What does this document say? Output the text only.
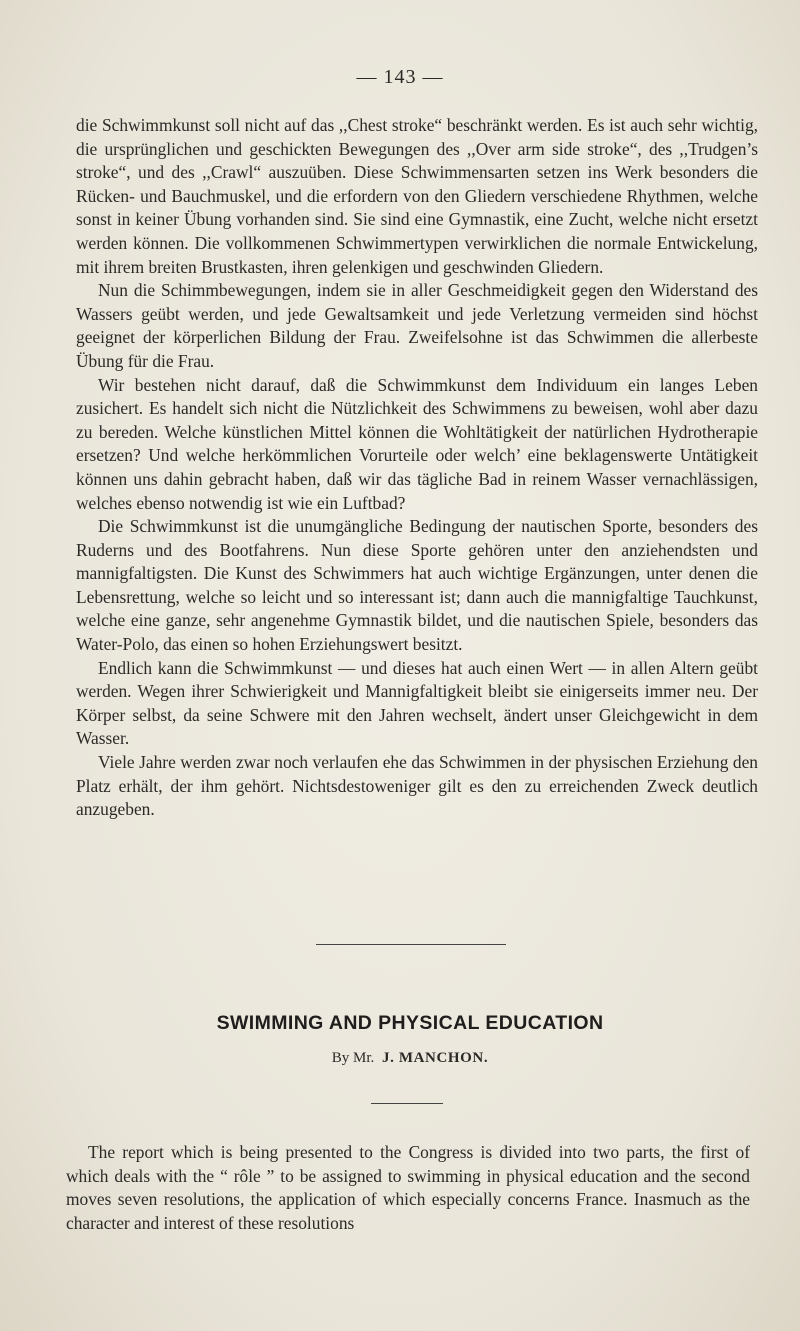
— 143 —

die Schwimmkunst soll nicht auf das ,,Chest stroke“ beschränkt werden. Es ist auch sehr wichtig, die ursprünglichen und geschickten Bewegungen des ,,Over arm side stroke“, des ,,Trudgen’s stroke“, und des ,,Crawl“ auszuüben. Diese Schwimmensarten setzen ins Werk besonders die Rücken- und Bauchmuskel, und die erfordern von den Gliedern verschiedene Rhythmen, welche sonst in keiner Übung vorhanden sind. Sie sind eine Gymnastik, eine Zucht, welche nicht ersetzt werden können. Die vollkommenen Schwimmertypen verwirklichen die normale Entwickelung, mit ihrem breiten Brustkasten, ihren gelenkigen und geschwinden Gliedern.

Nun die Schimmbewegungen, indem sie in aller Geschmeidigkeit gegen den Widerstand des Wassers geübt werden, und jede Gewaltsamkeit und jede Verletzung vermeiden sind höchst geeignet der körperlichen Bildung der Frau. Zweifelsohne ist das Schwimmen die allerbeste Übung für die Frau.

Wir bestehen nicht darauf, daß die Schwimmkunst dem Individuum ein langes Leben zusichert. Es handelt sich nicht die Nützlichkeit des Schwimmens zu beweisen, wohl aber dazu zu bereden. Welche künstlichen Mittel können die Wohltätigkeit der natürlichen Hydrotherapie ersetzen? Und welche herkömmlichen Vorurteile oder welch’ eine beklagenswerte Untätigkeit können uns dahin gebracht haben, daß wir das tägliche Bad in reinem Wasser vernachlässigen, welches ebenso notwendig ist wie ein Luftbad?

Die Schwimmkunst ist die unumgängliche Bedingung der nautischen Sporte, besonders des Ruderns und des Bootfahrens. Nun diese Sporte gehören unter den anziehendsten und mannigfaltigsten. Die Kunst des Schwimmers hat auch wichtige Ergänzungen, unter denen die Lebensrettung, welche so leicht und so interessant ist; dann auch die mannigfaltige Tauchkunst, welche eine ganze, sehr angenehme Gymnastik bildet, und die nautischen Spiele, besonders das Water-Polo, das einen so hohen Erziehungswert besitzt.

Endlich kann die Schwimmkunst — und dieses hat auch einen Wert — in allen Altern geübt werden. Wegen ihrer Schwierigkeit und Mannigfaltigkeit bleibt sie einigerseits immer neu. Der Körper selbst, da seine Schwere mit den Jahren wechselt, ändert unser Gleichgewicht in dem Wasser.

Viele Jahre werden zwar noch verlaufen ehe das Schwimmen in der physischen Erziehung den Platz erhält, der ihm gehört. Nichtsdestoweniger gilt es den zu erreichenden Zweck deutlich anzugeben.

SWIMMING AND PHYSICAL EDUCATION
By Mr. J. MANCHON.

The report which is being presented to the Congress is divided into two parts, the first of which deals with the “ rôle ” to be assigned to swimming in physical education and the second moves seven resolutions, the application of which especially concerns France. Inasmuch as the character and interest of these resolutions
